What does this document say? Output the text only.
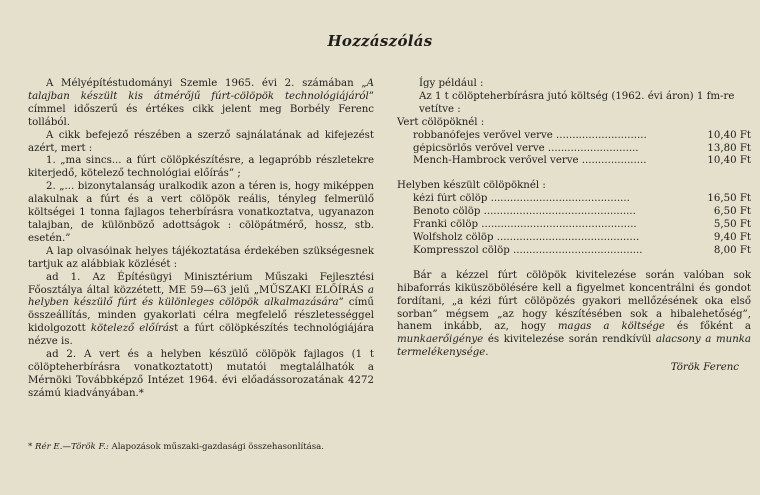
Hozzászólás

A Mélyépítéstudományi Szemle 1965. évi 2. számában „A talajban készült kis átmérőjű fúrt-cölöpök technológiájáról” címmel időszerű és értékes cikk jelent meg Borbély Ferenc tollából.

A cikk befejező részében a szerző sajnálatának ad kifejezést azért, mert :

1. „ma sincs... a fúrt cölöpkészítésre, a legapróbb részletekre kiterjedő, kötelező technológiai előírás” ;

2. „... bizonytalanság uralkodik azon a téren is, hogy miképpen alakulnak a fúrt és a vert cölöpök reális, tényleg felmerülő költségei 1 tonna fajlagos teherbírásra vonatkoztatva, ugyanazon talajban, de különböző adottságok : cölöpátmérő, hossz, stb. esetén.”

A lap olvasóinak helyes tájékoztatása érdekében szükségesnek tartjuk az alábbiak közlését :

ad 1. Az Építésügyi Minisztérium Műszaki Fejlesztési Főosztálya által közzétett, ME 59—63 jelű „MŰSZAKI ELŐÍRÁS a helyben készülő fúrt és különleges cölöpök alkalmazására” című összeállítás, minden gyakorlati célra megfelelő részletességgel kidolgozott kötelező előírást a fúrt cölöpkészítés technológiájára nézve is.

ad 2. A vert és a helyben készülő cölöpök fajlagos (1 t cölöpteherbírásra vonatkoztatott) mutatói megtalálhatók a Mérnöki Továbbképző Intézet 1964. évi előadássorozatának 4272 számú kiadványában.*

* Rér E.—Török F.: Alapozások műszaki-gazdasági összehasonlítása.

Így például :

Az 1 t cölöpteherbírásra jutó költség (1962. évi áron) 1 fm-re vetítve :

Vert cölöpöknél :

robbanófejes verővel verve ............................	10,40 Ft
gépicsörlős verővel verve ............................	13,80 Ft
Mench-Hambrock verővel verve ....................	10,40 Ft

Helyben készült cölöpöknél :

kézi fúrt cölöp ...........................................	16,50 Ft
Benoto cölöp ...............................................	6,50 Ft
Franki cölöp ................................................	5,50 Ft
Wolfsholz cölöp ............................................	9,40 Ft
Kompresszol cölöp ........................................	8,00 Ft

Bár a kézzel fúrt cölöpök kivitelezése során valóban sok hibaforrás kiküszöbölésére kell a figyelmet koncentrálni és gondot fordítani, „a kézi fúrt cölöpözés gyakori mellőzésének oka első sorban” mégsem „az hogy készítésében sok a hibalehetőség”, hanem inkább, az, hogy magas a költsége és főként a munkaerőigénye és kivitelezése során rendkívül alacsony a munka termelékenysége.

Török Ferenc
